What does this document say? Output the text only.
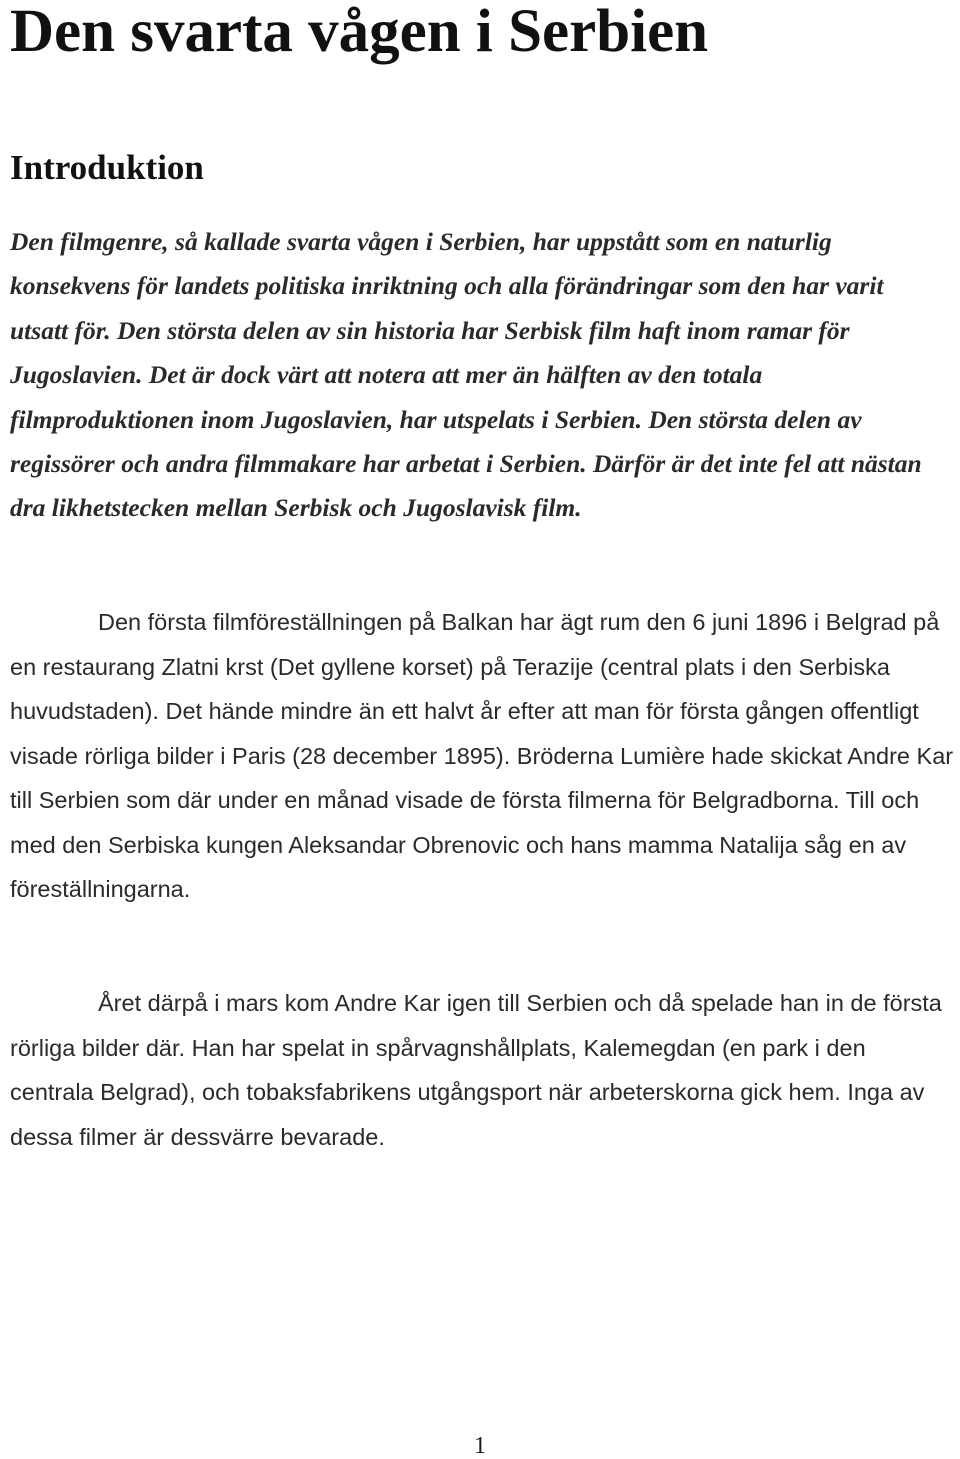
Den svarta vågen i Serbien
Introduktion

Den filmgenre, så kallade svarta vågen i Serbien, har uppstått som en naturlig konsekvens för landets politiska inriktning och alla förändringar som den har varit utsatt för. Den största delen av sin historia har Serbisk film haft inom ramar för Jugoslavien. Det är dock värt att notera att mer än hälften av den totala filmproduktionen inom Jugoslavien, har utspelats i Serbien. Den största delen av regissörer och andra filmmakare har arbetat i Serbien. Därför är det inte fel att nästan dra likhetstecken mellan Serbisk och Jugoslavisk film.

Den första filmföreställningen på Balkan har ägt rum den 6 juni 1896 i Belgrad på en restaurang Zlatni krst (Det gyllene korset) på Terazije (central plats i den Serbiska huvudstaden). Det hände mindre än ett halvt år efter att man för första gången offentligt visade rörliga bilder i Paris (28 december 1895). Bröderna Lumière hade skickat Andre Kar till Serbien som där under en månad visade de första filmerna för Belgradborna. Till och med den Serbiska kungen Aleksandar Obrenovic och hans mamma Natalija såg en av föreställningarna.

Året därpå i mars kom Andre Kar igen till Serbien och då spelade han in de första rörliga bilder där. Han har spelat in spårvagnshållplats, Kalemegdan (en park i den centrala Belgrad), och tobaksfabrikens utgångsport när arbeterskorna gick hem. Inga av dessa filmer är dessvärre bevarade.

1
